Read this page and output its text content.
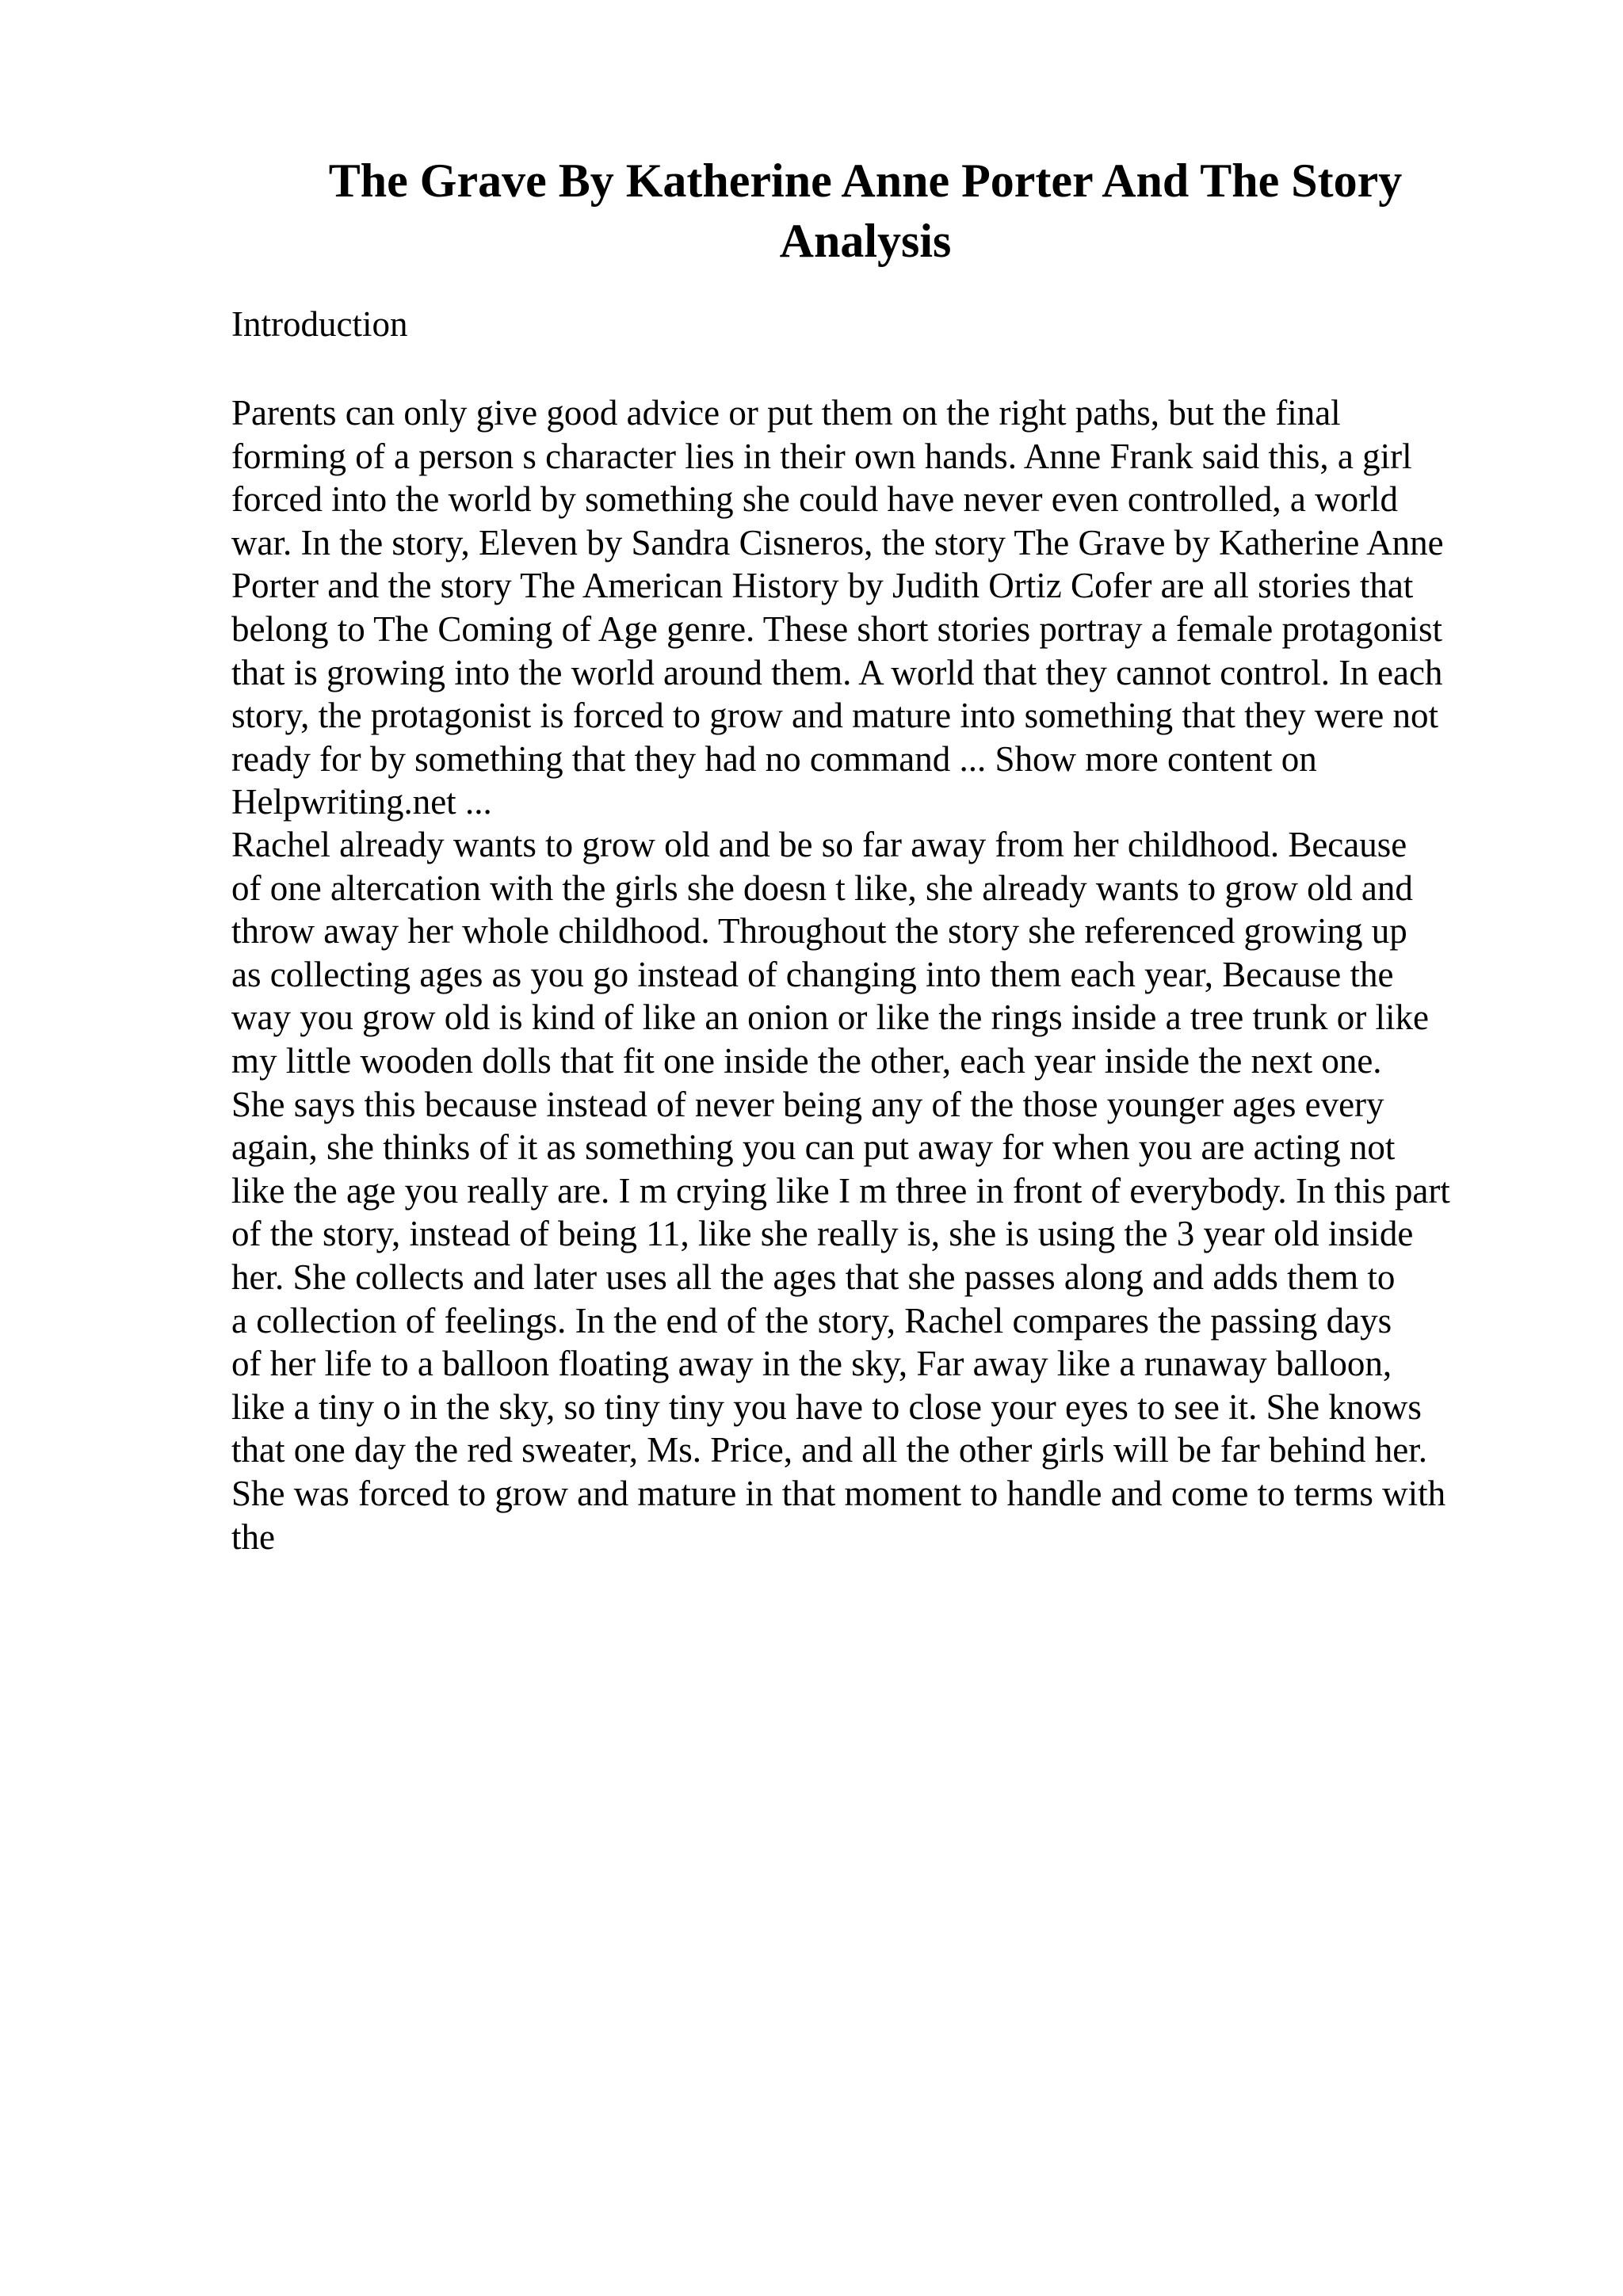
The Grave By Katherine Anne Porter And The Story
Analysis

Introduction

Parents can only give good advice or put them on the right paths, but the final
forming of a person s character lies in their own hands. Anne Frank said this, a girl
forced into the world by something she could have never even controlled, a world
war. In the story, Eleven by Sandra Cisneros, the story The Grave by Katherine Anne
Porter and the story The American History by Judith Ortiz Cofer are all stories that
belong to The Coming of Age genre. These short stories portray a female protagonist
that is growing into the world around them. A world that they cannot control. In each
story, the protagonist is forced to grow and mature into something that they were not
ready for by something that they had no command ... Show more content on
Helpwriting.net ...

Rachel already wants to grow old and be so far away from her childhood. Because
of one altercation with the girls she doesn t like, she already wants to grow old and
throw away her whole childhood. Throughout the story she referenced growing up
as collecting ages as you go instead of changing into them each year, Because the
way you grow old is kind of like an onion or like the rings inside a tree trunk or like
my little wooden dolls that fit one inside the other, each year inside the next one.
She says this because instead of never being any of the those younger ages every
again, she thinks of it as something you can put away for when you are acting not
like the age you really are. I m crying like I m three in front of everybody. In this part
of the story, instead of being 11, like she really is, she is using the 3 year old inside
her. She collects and later uses all the ages that she passes along and adds them to
a collection of feelings. In the end of the story, Rachel compares the passing days
of her life to a balloon floating away in the sky, Far away like a runaway balloon,
like a tiny o in the sky, so tiny tiny you have to close your eyes to see it. She knows
that one day the red sweater, Ms. Price, and all the other girls will be far behind her.
She was forced to grow and mature in that moment to handle and come to terms with
the
